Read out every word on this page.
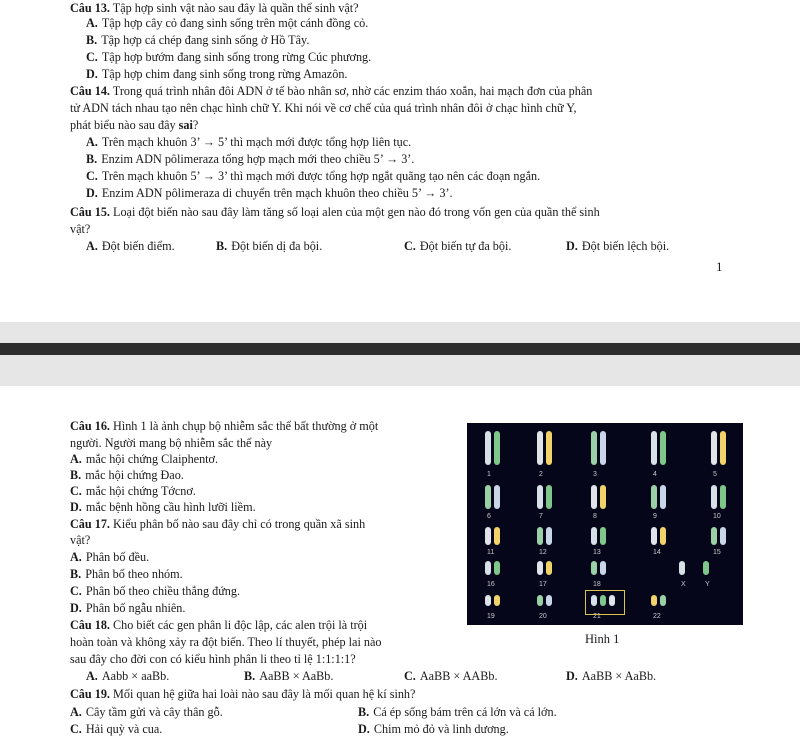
Câu 13. Tập hợp sinh vật nào sau đây là quần thể sinh vật?
A. Tập hợp cây cỏ đang sinh sống trên một cánh đồng cỏ.
B. Tập hợp cá chép đang sinh sống ở Hồ Tây.
C. Tập hợp bướm đang sinh sống trong rừng Cúc phương.
D. Tập hợp chim đang sinh sống trong rừng Amazôn.
Câu 14. Trong quá trình nhân đôi ADN ở tế bào nhân sơ, nhờ các enzim tháo xoắn, hai mạch đơn của phân
tử ADN tách nhau tạo nên chạc hình chữ Y. Khi nói về cơ chế của quá trình nhân đôi ở chạc hình chữ Y,
phát biểu nào sau đây sai?
A. Trên mạch khuôn 3’ → 5’ thì mạch mới được tổng hợp liên tục.
B. Enzim ADN pôlimeraza tổng hợp mạch mới theo chiều 5’ → 3’.
C. Trên mạch khuôn 5’ → 3’ thì mạch mới được tổng hợp ngắt quãng tạo nên các đoạn ngắn.
D. Enzim ADN pôlimeraza di chuyển trên mạch khuôn theo chiều 5’ → 3’.
Câu 15. Loại đột biến nào sau đây làm tăng số loại alen của một gen nào đó trong vốn gen của quần thể sinh
vật?
A. Đột biến điểm.	B. Đột biến dị đa bội.	C. Đột biến tự đa bội.	D. Đột biến lệch bội.
1
Câu 16. Hình 1 là ảnh chụp bộ nhiễm sắc thể bất thường ở một
người. Người mang bộ nhiễm sắc thể này
A. mắc hội chứng Claiphentơ.
B. mắc hội chứng Đao.
C. mắc hội chứng Tớcnơ.
D. mắc bệnh hồng cầu hình lưỡi liềm.
Câu 17. Kiểu phân bố nào sau đây chỉ có trong quần xã sinh
vật?
A. Phân bố đều.
B. Phân bố theo nhóm.
C. Phân bố theo chiều thẳng đứng.
D. Phân bố ngẫu nhiên.
Câu 18. Cho biết các gen phân li độc lập, các alen trội là trội
hoàn toàn và không xảy ra đột biến. Theo lí thuyết, phép lai nào
sau đây cho đời con có kiểu hình phân li theo tỉ lệ 1:1:1:1?
A. Aabb × aaBb.	B. AaBB × AaBb.	C. AaBB × AABb.	D. AaBB × AaBb.
Câu 19. Mối quan hệ giữa hai loài nào sau đây là mối quan hệ kí sinh?
A. Cây tầm gửi và cây thân gỗ.	B. Cá ép sống bám trên cá lớn và cá lớn.
C. Hải quỳ và cua.	D. Chim mỏ đỏ và linh dương.
1	2	3	4	5
6	7	8	9	10
11	12	13	14	15
16	17	18	X	Y
19	20	21	22
Hình 1
